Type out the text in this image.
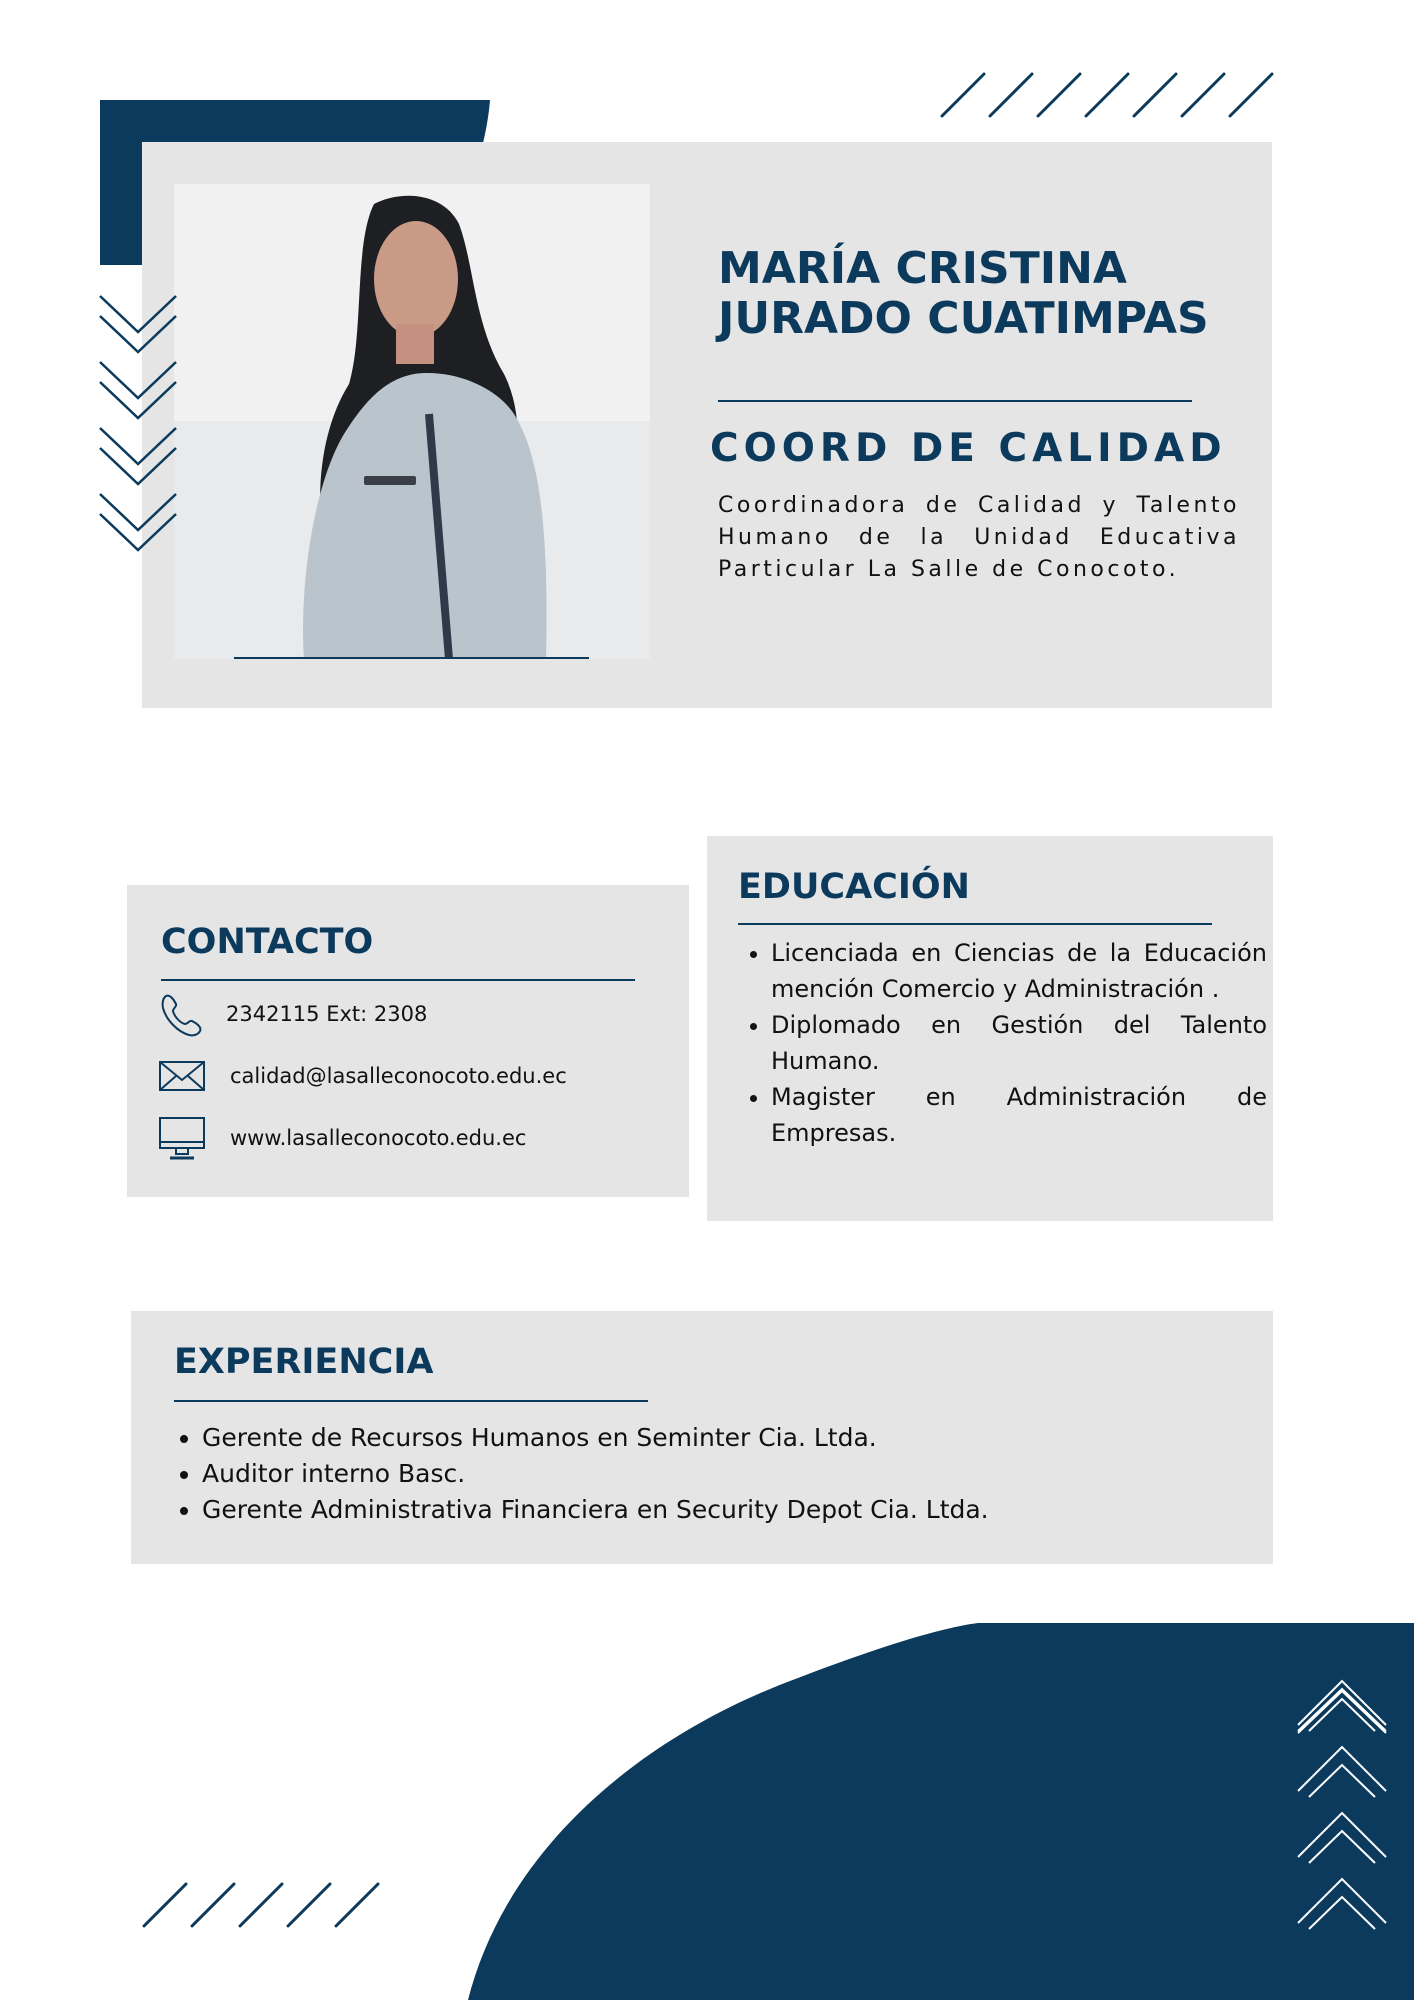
MARÍA CRISTINA
JURADO CUATIMPAS
COORD DE CALIDAD

Coordinadora de Calidad y Talento Humano de la Unidad Educativa Particular La Salle de Conocoto.

CONTACTO
2342115 Ext: 2308
calidad@lasalleconocoto.edu.ec
www.lasalleconocoto.edu.ec
EDUCACIÓN
• Licenciada en Ciencias de la Educación mención Comercio y Administración .
• Diplomado en Gestión del Talento Humano.
• Magister en Administración de Empresas.
EXPERIENCIA
• Gerente de Recursos Humanos en Seminter Cia. Ltda.
• Auditor interno Basc.
• Gerente Administrativa Financiera en Security Depot Cia. Ltda.
